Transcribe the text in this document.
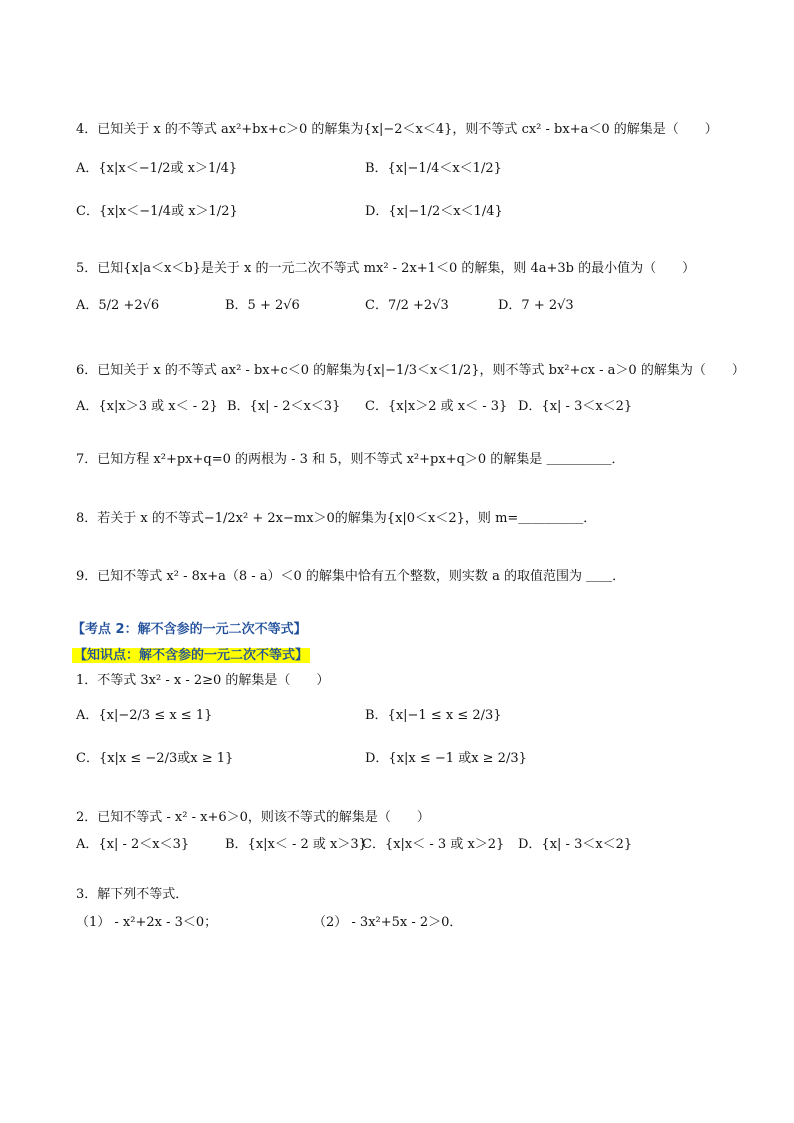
4．已知关于 x 的不等式 ax²+bx+c＞0 的解集为{x|−2＜x＜4}，则不等式 cx² - bx+a＜0 的解集是（　　）
A．{x|x＜−1/2或 x＞1/4}	B．{x|−1/4＜x＜1/2}
C．{x|x＜−1/4或 x＞1/2}	D．{x|−1/2＜x＜1/4}
5．已知{x|a＜x＜b}是关于 x 的一元二次不等式 mx² - 2x+1＜0 的解集，则 4a+3b 的最小值为（　　）
A．5/2 +2√6	B．5 + 2√6	C．7/2 +2√3	D．7 + 2√3
6．已知关于 x 的不等式 ax² - bx+c＜0 的解集为{x|−1/3＜x＜1/2}，则不等式 bx²+cx - a＞0 的解集为（　　）
A．{x|x＞3 或 x＜ - 2} B．{x| - 2＜x＜3} C．{x|x＞2 或 x＜ - 3} D．{x| - 3＜x＜2}
7．已知方程 x²+px+q=0 的两根为 - 3 和 5，则不等式 x²+px+q＞0 的解集是 ＿＿＿＿＿．
8．若关于 x 的不等式−1/2x² + 2x−mx＞0的解集为{x|0＜x＜2}，则 m=＿＿＿＿＿．
9．已知不等式 x² - 8x+a（8 - a）＜0 的解集中恰有五个整数，则实数 a 的取值范围为 ＿＿．
【考点 2：解不含参的一元二次不等式】
【知识点：解不含参的一元二次不等式】
1．不等式 3x² - x - 2≥0 的解集是（　　）
A．{x|−2/3 ≤ x ≤ 1}	B．{x|−1 ≤ x ≤ 2/3}
C．{x|x ≤ −2/3或x ≥ 1}	D．{x|x ≤ −1 或x ≥ 2/3}
2．已知不等式 - x² - x+6＞0，则该不等式的解集是（　　）
A．{x| - 2＜x＜3}	B．{x|x＜ - 2 或 x＞3}
C．{x|x＜ - 3 或 x＞2} D．{x| - 3＜x＜2}
3．解下列不等式．
（1） - x²+2x - 3＜0；	（2） - 3x²+5x - 2＞0．
